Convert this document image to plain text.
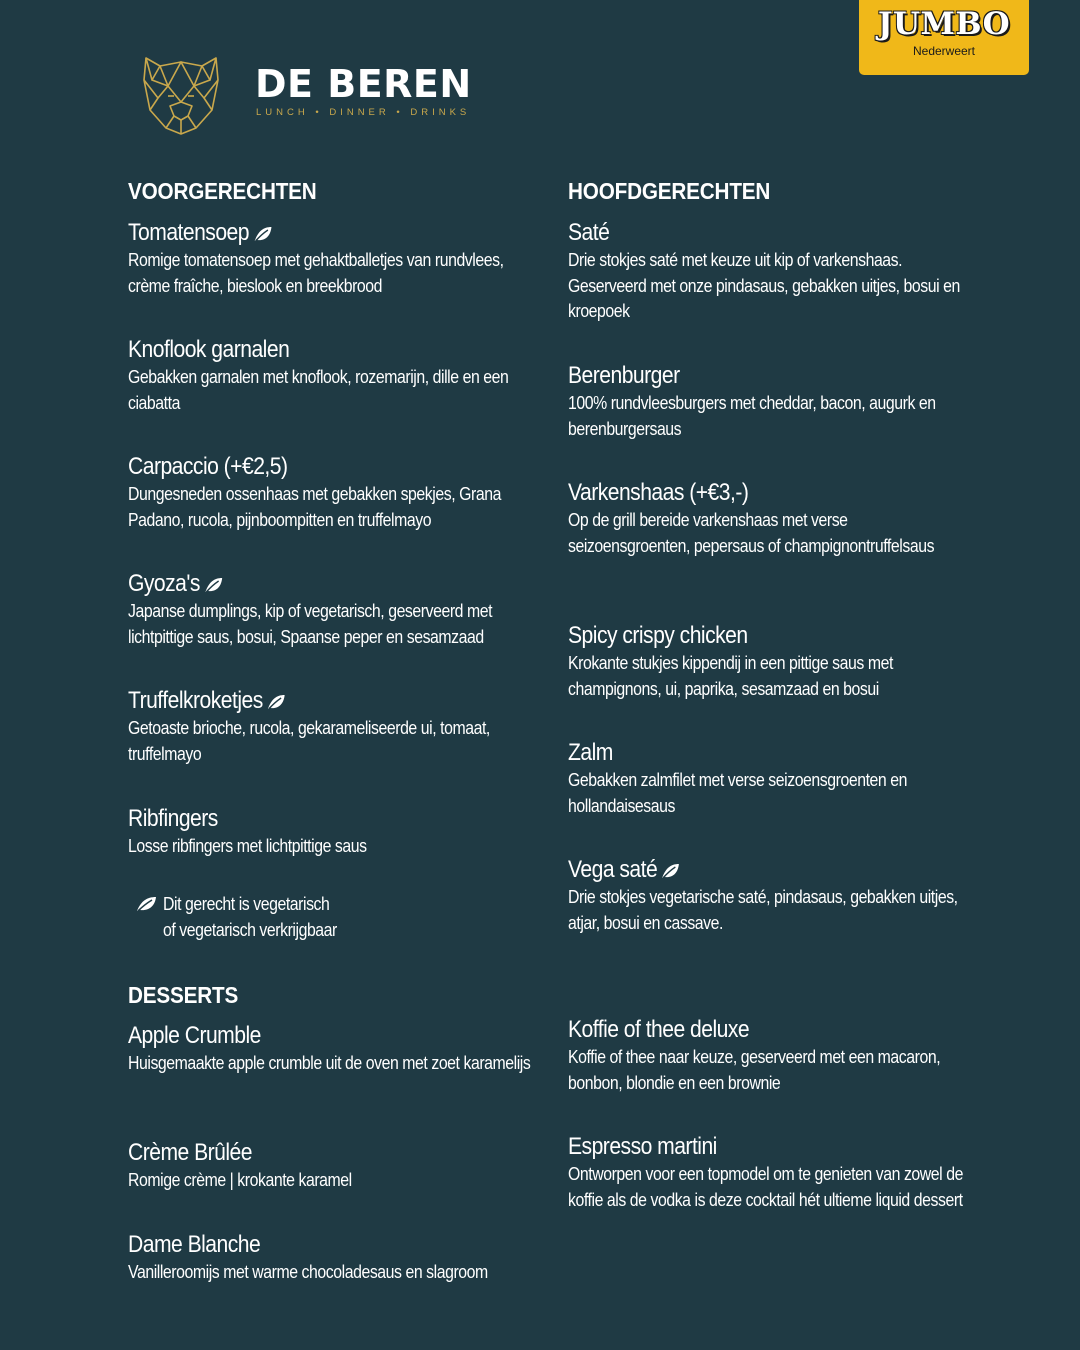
DE BEREN
LUNCH • DINNER • DRINKS
JUMBO
Nederweert
VOORGERECHTEN
Tomatensoep
Romige tomatensoep met gehaktballetjes van rundvlees, crème fraîche, bieslook en breekbrood
Knoflook garnalen
Gebakken garnalen met knoflook, rozemarijn, dille en een ciabatta
Carpaccio (+€2,5)
Dungesneden ossenhaas met gebakken spekjes, Grana Padano, rucola, pijnboompitten en truffelmayo
Gyoza's
Japanse dumplings, kip of vegetarisch, geserveerd met lichtpittige saus, bosui, Spaanse peper en sesamzaad
Truffelkroketjes
Getoaste brioche, rucola, gekarameliseerde ui, tomaat, truffelmayo
Ribfingers
Losse ribfingers met lichtpittige saus
Dit gerecht is vegetarisch
of vegetarisch verkrijgbaar
HOOFDGERECHTEN
Saté
Drie stokjes saté met keuze uit kip of varkenshaas. Geserveerd met onze pindasaus, gebakken uitjes, bosui en kroepoek
Berenburger
100% rundvleesburgers met cheddar, bacon, augurk en berenburgersaus
Varkenshaas (+€3,-)
Op de grill bereide varkenshaas met verse seizoensgroenten, pepersaus of champignontruffelsaus
Spicy crispy chicken
Krokante stukjes kippendij in een pittige saus met champignons, ui, paprika, sesamzaad en bosui
Zalm
Gebakken zalmfilet met verse seizoensgroenten en hollandaisesaus
Vega saté
Drie stokjes vegetarische saté, pindasaus, gebakken uitjes, atjar, bosui en cassave.
DESSERTS
Apple Crumble
Huisgemaakte apple crumble uit de oven met zoet karamelijs
Crème Brûlée
Romige crème | krokante karamel
Dame Blanche
Vanilleroomijs met warme chocoladesaus en slagroom
Koffie of thee deluxe
Koffie of thee naar keuze, geserveerd met een macaron, bonbon, blondie en een brownie
Espresso martini
Ontworpen voor een topmodel om te genieten van zowel de koffie als de vodka is deze cocktail hét ultieme liquid dessert
